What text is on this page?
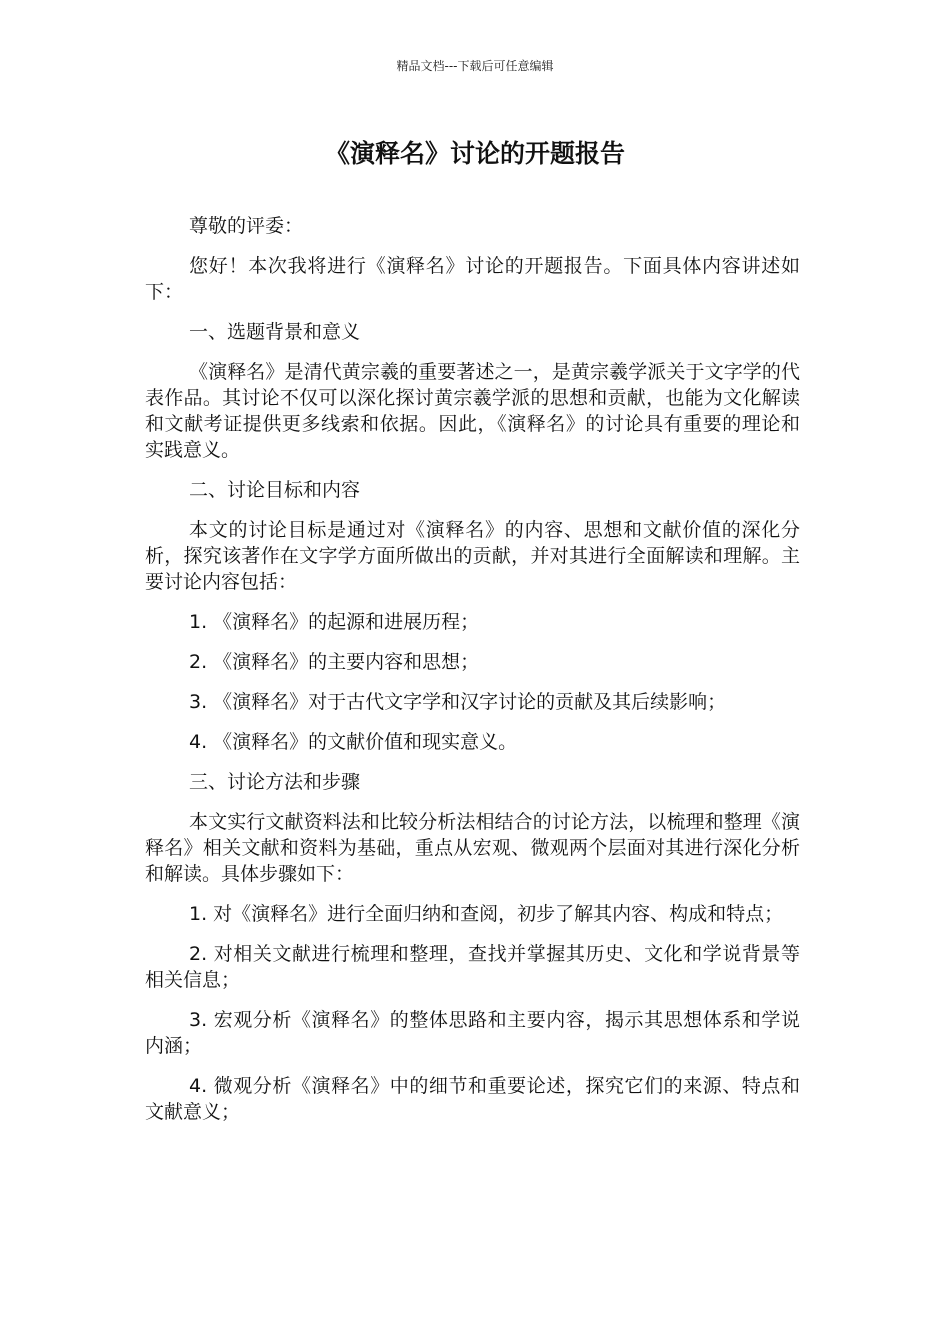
精品文档---下载后可任意编辑
《演释名》讨论的开题报告

尊敬的评委：

您好！本次我将进行《演释名》讨论的开题报告。下面具体内容讲述如下：

一、选题背景和意义

《演释名》是清代黄宗羲的重要著述之一，是黄宗羲学派关于文字学的代表作品。其讨论不仅可以深化探讨黄宗羲学派的思想和贡献，也能为文化解读和文献考证提供更多线索和依据。因此，《演释名》的讨论具有重要的理论和实践意义。

二、讨论目标和内容

本文的讨论目标是通过对《演释名》的内容、思想和文献价值的深化分析，探究该著作在文字学方面所做出的贡献，并对其进行全面解读和理解。主要讨论内容包括：

1. 《演释名》的起源和进展历程；

2. 《演释名》的主要内容和思想；

3. 《演释名》对于古代文字学和汉字讨论的贡献及其后续影响；

4. 《演释名》的文献价值和现实意义。

三、讨论方法和步骤

本文实行文献资料法和比较分析法相结合的讨论方法，以梳理和整理《演释名》相关文献和资料为基础，重点从宏观、微观两个层面对其进行深化分析和解读。具体步骤如下：

1. 对《演释名》进行全面归纳和查阅，初步了解其内容、构成和特点；

2. 对相关文献进行梳理和整理，查找并掌握其历史、文化和学说背景等相关信息；

3. 宏观分析《演释名》的整体思路和主要内容，揭示其思想体系和学说内涵；

4. 微观分析《演释名》中的细节和重要论述，探究它们的来源、特点和文献意义；
